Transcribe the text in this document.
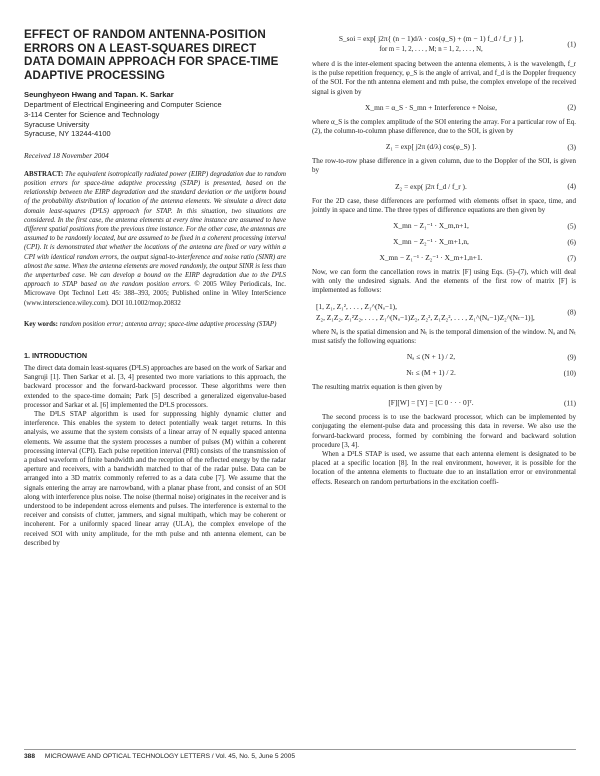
EFFECT OF RANDOM ANTENNA-POSITION ERRORS ON A LEAST-SQUARES DIRECT DATA DOMAIN APPROACH FOR SPACE-TIME ADAPTIVE PROCESSING

Seunghyeon Hwang and Tapan. K. Sarkar

Department of Electrical Engineering and Computer Science

3-114 Center for Science and Technology

Syracuse University

Syracuse, NY 13244-4100

Received 18 November 2004

ABSTRACT: The equivalent isotropically radiated power (EIRP) degradation due to random position errors for space-time adaptive processing (STAP) is presented, based on the relationship between the EIRP degradation and the standard deviation or the uniform bound of the probability distribution of location of the antenna elements. We simulate a direct data domain least-squares (D³LS) approach for STAP. In this situation, two situations are considered. In the first case, the antenna elements at every time instance are assumed to have different spatial positions from the previous time instance. For the other case, the antennas are assumed to be randomly located, but are assumed to be fixed in a coherent processing interval (CPI). It is demonstrated that whether the locations of the antenna are fixed or vary within a CPI with identical random errors, the output signal-to-interference and noise ratio (SINR) are almost the same. When the antenna elements are moved randomly, the output SINR is less than the unperturbed case. We can develop a bound on the EIRP degradation due to the D³LS approach to STAP based on the random position errors. © 2005 Wiley Periodicals, Inc. Microwave Opt Technol Lett 45: 388–393, 2005; Published online in Wiley InterScience (www.interscience.wiley.com). DOI 10.1002/mop.20832

Key words: random position error; antenna array; space-time adaptive processing (STAP)

1. INTRODUCTION

The direct data domain least-squares (D³LS) approaches are based on the work of Sarkar and Sangruji [1]. Then Sarkar et al. [3, 4] presented two more variations to this approach, the backward processor and the forward-backward processor. These algorithms were then extended to the space-time domain; Park [5] described a generalized eigenvalue-based processor and Sarkar et al. [6] implemented the D³LS processors.

The D³LS STAP algorithm is used for suppressing highly dynamic clutter and interference. This enables the system to detect potentially weak target returns. In this analysis, we assume that the system consists of a linear array of N equally spaced antenna elements. We assume that the system processes a number of pulses (M) within a coherent processing interval (CPI). Each pulse repetition interval (PRI) consists of the transmission of a pulsed waveform of finite bandwidth and the reception of the reflected energy by the radar aperture and receivers, with a bandwidth matched to that of the radar pulse. Data can be arranged into a 3D matrix commonly referred to as a data cube [7]. We assume that the signals entering the array are narrowband, with a planar phase front, and consist of an SOI along with interference plus noise. The noise (thermal noise) originates in the receiver and is understood to be independent across elements and pulses. The interference is external to the receiver and consists of clutter, jammers, and signal multipath, which may be coherent or incoherent. For a uniformly spaced linear array (ULA), the complex envelope of the received SOI with unity amplitude, for the mth pulse and nth antenna element, can be described by

S_soi = exp[ j2π{ (n − 1)d/λ · cos(φ_S) + (m − 1) f_d / f_r } ],
for m = 1, 2, . . . , M; n = 1, 2, . . . , N,
(1)

where d is the inter-element spacing between the antenna elements, λ is the wavelength, f_r is the pulse repetition frequency, φ_S is the angle of arrival, and f_d is the Doppler frequency of the SOI. For the nth antenna element and mth pulse, the complex envelope of the received signal is given by

X_mn = α_S · S_mn + Interference + Noise,	(2)

where α_S is the complex amplitude of the SOI entering the array. For a particular row of Eq. (2), the column-to-column phase difference, due to the SOI, is given by

Z₁ = exp[ j2π (d/λ) cos(φ_S) ].	(3)

The row-to-row phase difference in a given column, due to the Doppler of the SOI, is given by

Z₂ = exp( j2π f_d / f_r ).	(4)

For the 2D case, these differences are performed with elements offset in space, time, and jointly in space and time. The three types of difference equations are then given by

X_mn − Z₁⁻¹ · X_m,n+1,	(5)
X_mn − Z₂⁻¹ · X_m+1,n,	(6)
X_mn − Z₁⁻¹ · Z₂⁻¹ · X_m+1,n+1.	(7)

Now, we can form the cancellation rows in matrix [F] using Eqs. (5)–(7), which will deal with only the undesired signals. And the elements of the first row of matrix [F] is implemented as follows:

[1, Z₁, Z₁², . . . , Z₁^(Nₐ−1),
Z₂, Z₁Z₂, Z₁²Z₂, . . . , Z₁^(Nₐ−1)Z₂, Z₂², Z₁Z₂², . . . , Z₁^(Nₐ−1)Z₂^(Nₜ−1)],
(8)

where Nₐ is the spatial dimension and Nₜ is the temporal dimension of the window. Nₐ and Nₜ must satisfy the following equations:

Nₐ ≤ (N + 1) / 2,	(9)
Nₜ ≤ (M + 1) / 2.	(10)

The resulting matrix equation is then given by

[F][W] = [Y] = [C 0 · · · 0]ᵀ.	(11)

The second process is to use the backward processor, which can be implemented by conjugating the element-pulse data and processing this data in reverse. We also use the forward-backward process, formed by combining the forward and backward solution procedure [3, 4].

When a D³LS STAP is used, we assume that each antenna element is designated to be placed at a specific location [8]. In the real environment, however, it is possible for the location of the antenna elements to fluctuate due to an installation error or environmental effects. Research on random perturbations in the excitation coeffi-

388 MICROWAVE AND OPTICAL TECHNOLOGY LETTERS / Vol. 45, No. 5, June 5 2005
